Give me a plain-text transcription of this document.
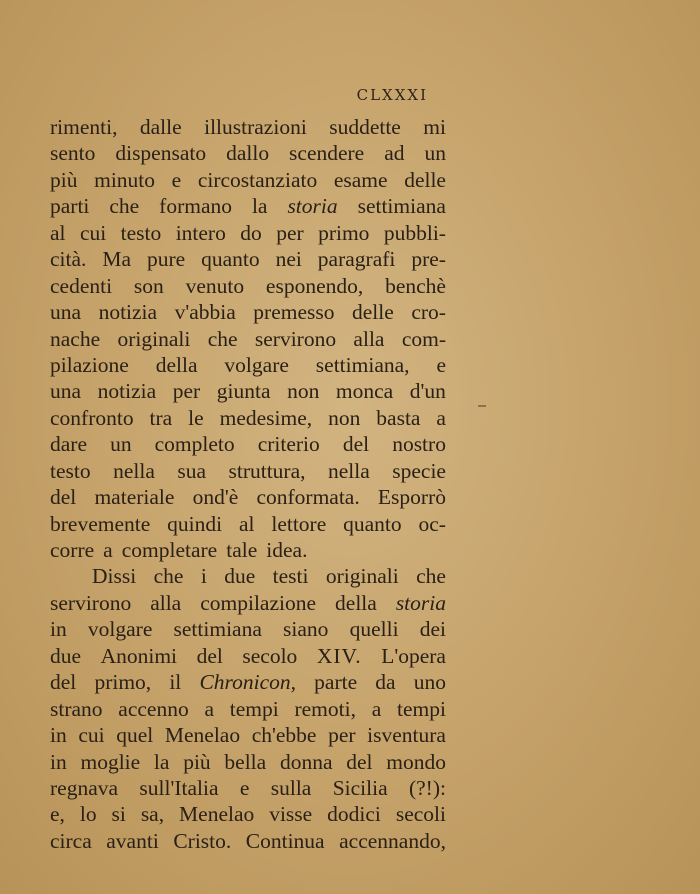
CLXXXI
rimenti, dalle illustrazioni suddette mi
sento dispensato dallo scendere ad un
più minuto e circostanziato esame delle
parti che formano la storia settimiana
al cui testo intero do per primo pubbli-
cità. Ma pure quanto nei paragrafi pre-
cedenti son venuto esponendo, benchè
una notizia v'abbia premesso delle cro-
nache originali che servirono alla com-
pilazione della volgare settimiana, e
una notizia per giunta non monca d'un
confronto tra le medesime, non basta a
dare un completo criterio del nostro
testo nella sua struttura, nella specie
del materiale ond'è conformata. Esporrò
brevemente quindi al lettore quanto oc-
corre a completare tale idea.
Dissi che i due testi originali che
servirono alla compilazione della storia
in volgare settimiana siano quelli dei
due Anonimi del secolo XIV. L'opera
del primo, il Chronicon, parte da uno
strano accenno a tempi remoti, a tempi
in cui quel Menelao ch'ebbe per isventura
in moglie la più bella donna del mondo
regnava sull'Italia e sulla Sicilia (?!):
e, lo si sa, Menelao visse dodici secoli
circa avanti Cristo. Continua accennando,
